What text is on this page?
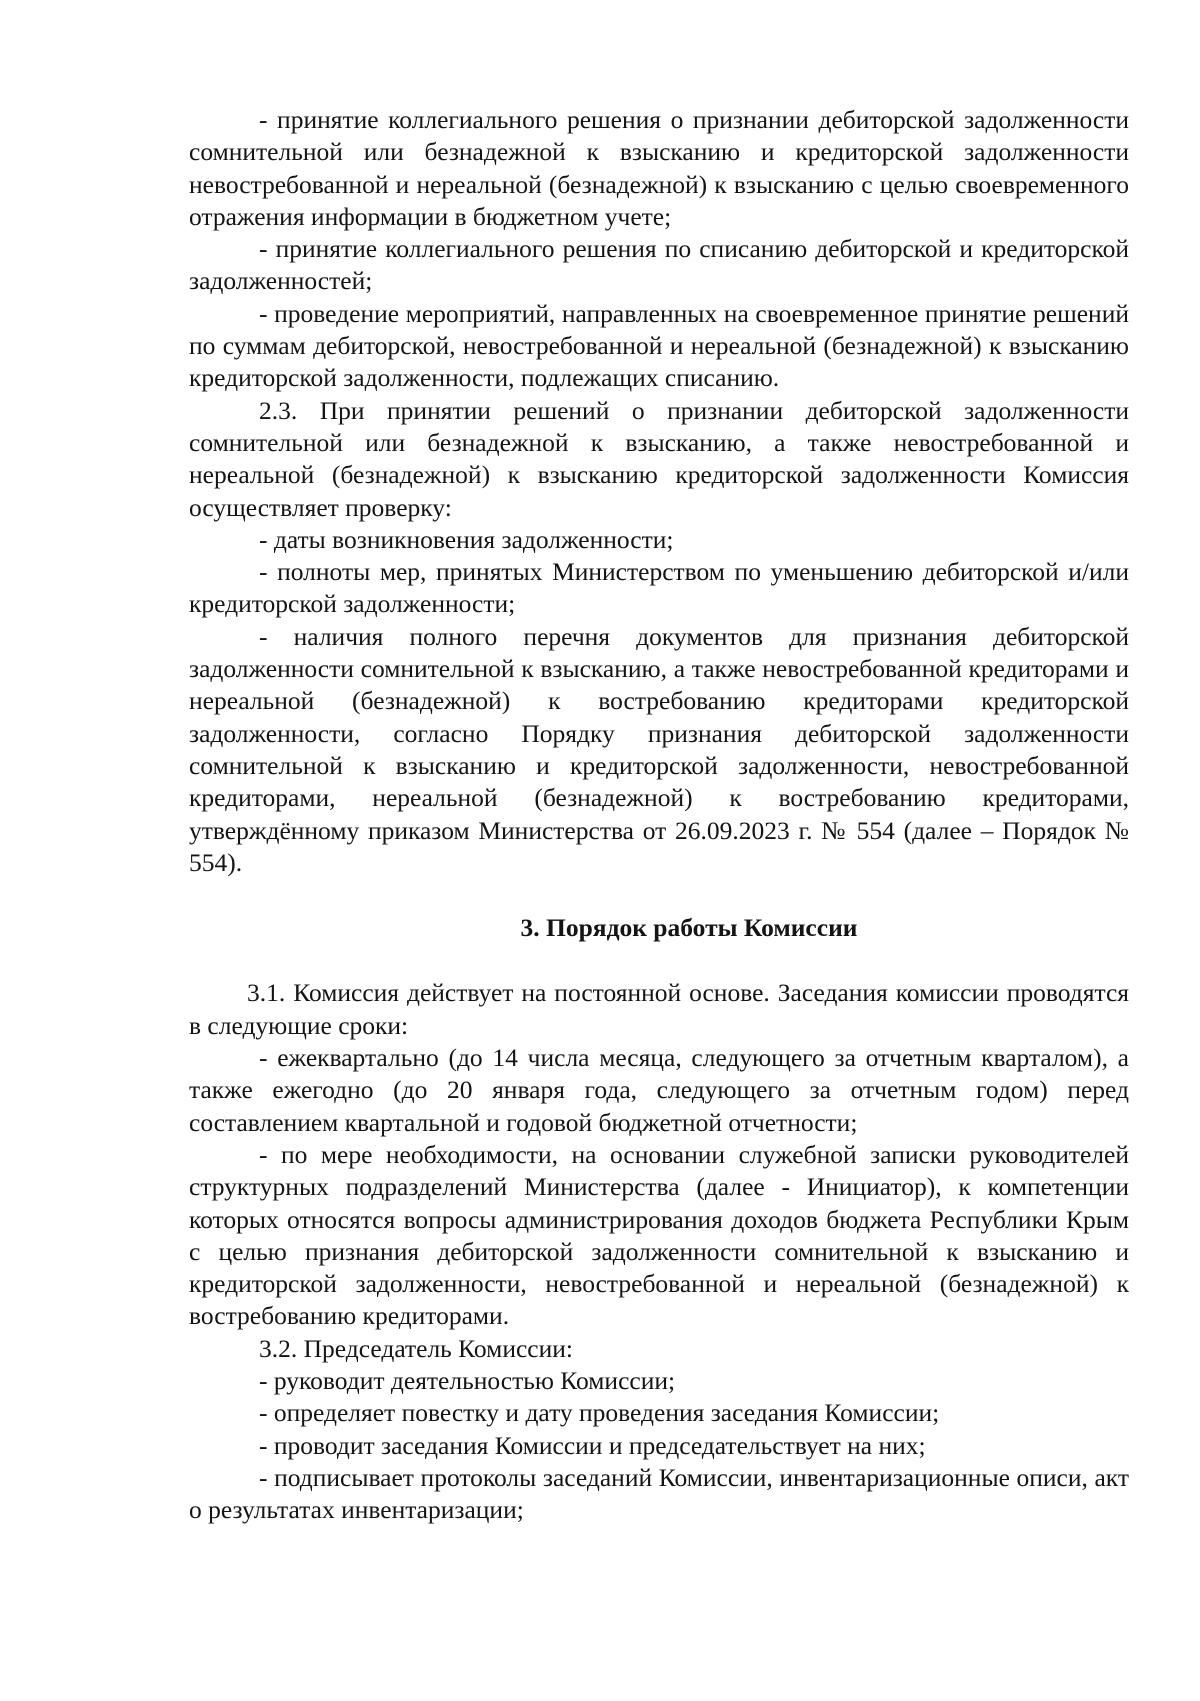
- принятие коллегиального решения о признании дебиторской задолженности сомнительной или безнадежной к взысканию и кредиторской задолженности невостребованной и нереальной (безнадежной) к взысканию с целью своевременного отражения информации в бюджетном учете;

- принятие коллегиального решения по списанию дебиторской и кредиторской задолженностей;

- проведение мероприятий, направленных на своевременное принятие решений по суммам дебиторской, невостребованной и нереальной (безнадежной) к взысканию кредиторской задолженности, подлежащих списанию.

2.3. При принятии решений о признании дебиторской задолженности сомнительной или безнадежной к взысканию, а также невостребованной и нереальной (безнадежной) к взысканию кредиторской задолженности Комиссия осуществляет проверку:

- даты возникновения задолженности;

- полноты мер, принятых Министерством по уменьшению дебиторской и/или кредиторской задолженности;

- наличия полного перечня документов для признания дебиторской задолженности сомнительной к взысканию, а также невостребованной кредиторами и нереальной (безнадежной) к востребованию кредиторами кредиторской задолженности, согласно Порядку признания дебиторской задолженности сомнительной к взысканию и кредиторской задолженности, невостребованной кредиторами, нереальной (безнадежной) к востребованию кредиторами, утверждённому приказом Министерства от 26.09.2023 г. № 554 (далее – Порядок № 554).

3. Порядок работы Комиссии

3.1. Комиссия действует на постоянной основе. Заседания комиссии проводятся в следующие сроки:

- ежеквартально (до 14 числа месяца, следующего за отчетным кварталом), а также ежегодно (до 20 января года, следующего за отчетным годом) перед составлением квартальной и годовой бюджетной отчетности;

- по мере необходимости, на основании служебной записки руководителей структурных подразделений Министерства (далее - Инициатор), к компетенции которых относятся вопросы администрирования доходов бюджета Республики Крым с целью признания дебиторской задолженности сомнительной к взысканию и кредиторской задолженности, невостребованной и нереальной (безнадежной) к востребованию кредиторами.

3.2. Председатель Комиссии:

- руководит деятельностью Комиссии;

- определяет повестку и дату проведения заседания Комиссии;

- проводит заседания Комиссии и председательствует на них;

- подписывает протоколы заседаний Комиссии, инвентаризационные описи, акт о результатах инвентаризации;
